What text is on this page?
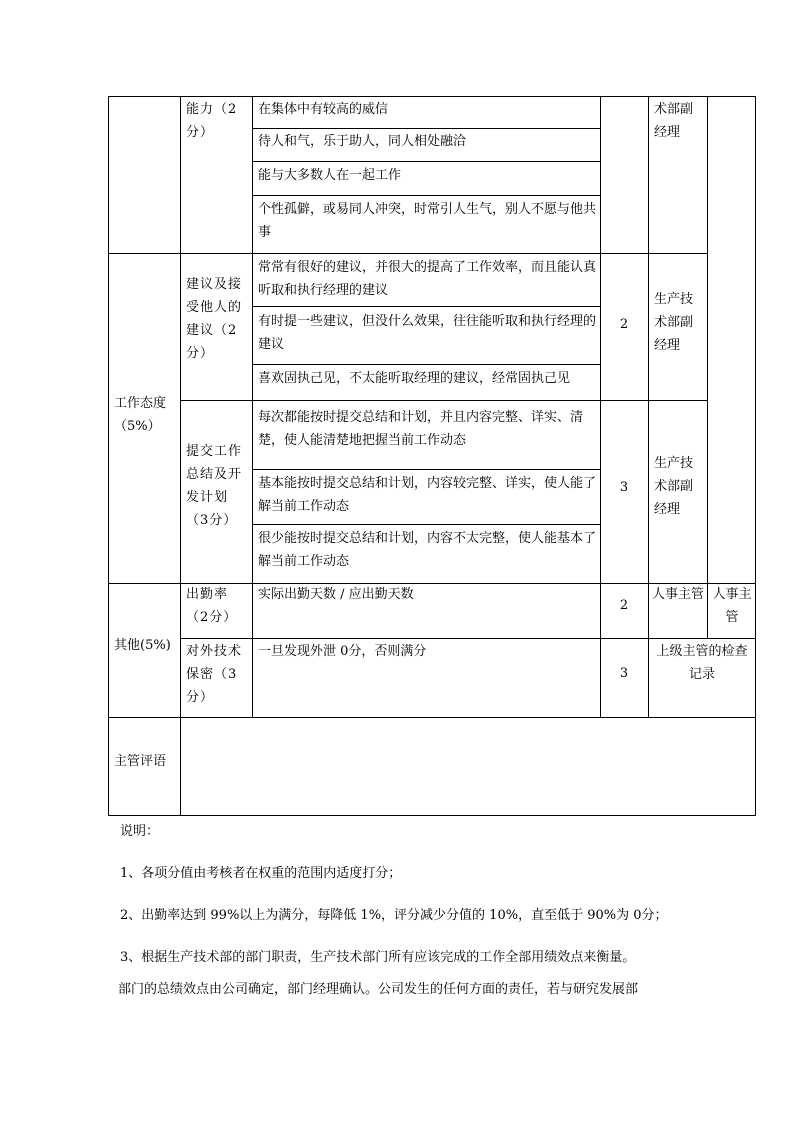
能力（2分）
在集体中有较高的威信
待人和气，乐于助人，同人相处融洽
能与大多数人在一起工作
个性孤僻，或易同人冲突，时常引人生气，别人不愿与他共事
术部副经理
工作态度（5%）
建议及接受他人的建议（2分）
常常有很好的建议，并很大的提高了工作效率，而且能认真听取和执行经理的建议
有时提一些建议，但没什么效果，往往能听取和执行经理的建议
喜欢固执己见，不太能听取经理的建议，经常固执己见
2
生产技术部副经理
提交工作总结及开发计划（3分）
每次都能按时提交总结和计划，并且内容完整、详实、清楚，使人能清楚地把握当前工作动态
基本能按时提交总结和计划，内容较完整、详实，使人能了解当前工作动态
很少能按时提交总结和计划，内容不太完整，使人能基本了解当前工作动态
3
生产技术部副经理
其他(5%)
出勤率（2分）
实际出勤天数 / 应出勤天数
2
人事主管 人事主管
对外技术保密（3分）
一旦发现外泄 0分，否则满分
3
上级主管的检查记录
主管评语
说明：
1、各项分值由考核者在权重的范围内适度打分；
2、出勤率达到 99%以上为满分，每降低 1%，评分减少分值的 10%，直至低于 90%为 0分；
3、根据生产技术部的部门职责，生产技术部门所有应该完成的工作全部用绩效点来衡量。
部门的总绩效点由公司确定，部门经理确认。公司发生的任何方面的责任，若与研究发展部
